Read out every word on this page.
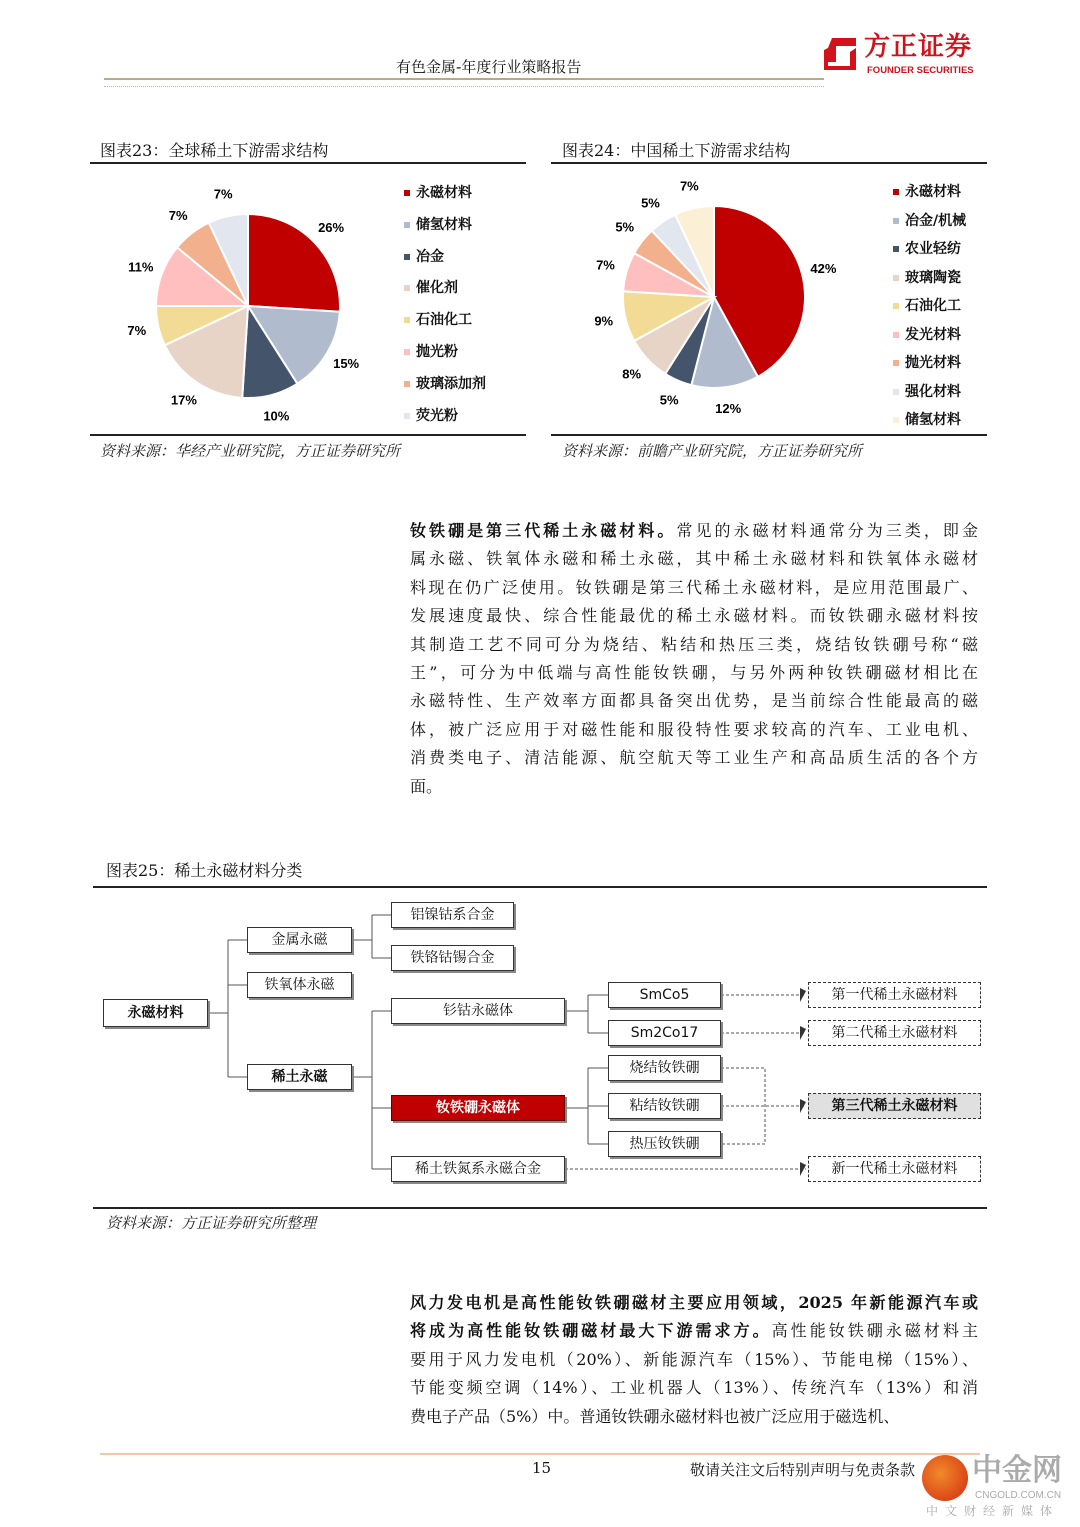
有色金属-年度行业策略报告
方正证券
FOUNDER SECURITIES
图表23：全球稀土下游需求结构
26%
15%
10%
17%
7%
11%
7%
7%	永磁材料
储氢材料
冶金
催化剂
石油化工
抛光粉
玻璃添加剂
荧光粉
资料来源：华经产业研究院，方正证券研究所
图表24：中国稀土下游需求结构
42%
12%
5%
8%
9%
7%
5%
5%
7%	永磁材料
冶金/机械
农业轻纺
玻璃陶瓷
石油化工
发光材料
抛光材料
强化材料
储氢材料
资料来源：前瞻产业研究院，方正证券研究所
钕铁硼是第三代稀土永磁材料。常见的永磁材料通常分为三类，即金
属永磁、铁氧体永磁和稀土永磁，其中稀土永磁材料和铁氧体永磁材
料现在仍广泛使用。钕铁硼是第三代稀土永磁材料，是应用范围最广、
发展速度最快、综合性能最优的稀土永磁材料。而钕铁硼永磁材料按
其制造工艺不同可分为烧结、粘结和热压三类，烧结钕铁硼号称“磁
王”，可分为中低端与高性能钕铁硼，与另外两种钕铁硼磁材相比在
永磁特性、生产效率方面都具备突出优势，是当前综合性能最高的磁
体，被广泛应用于对磁性能和服役特性要求较高的汽车、工业电机、
消费类电子、清洁能源、航空航天等工业生产和高品质生活的各个方
面。
图表25：稀土永磁材料分类
永磁材料
金属永磁
铁氧体永磁
稀土永磁
铝镍钴系合金
铁铬钴锡合金
钐钴永磁体
钕铁硼永磁体
稀土铁氮系永磁合金
SmCo5
Sm2Co17
烧结钕铁硼
粘结钕铁硼
热压钕铁硼
第一代稀土永磁材料
第二代稀土永磁材料
第三代稀土永磁材料
新一代稀土永磁材料
资料来源：方正证券研究所整理
风力发电机是高性能钕铁硼磁材主要应用领域，2025 年新能源汽车或
将成为高性能钕铁硼磁材最大下游需求方。高性能钕铁硼永磁材料主
要用于风力发电机（20%）、新能源汽车（15%）、节能电梯（15%）、
节能变频空调（14%）、工业机器人（13%）、传统汽车（13%）和消
费电子产品（5%）中。普通钕铁硼永磁材料也被广泛应用于磁选机、
15	敬请关注文后特别声明与免责条款 中金网
CNGOLD.COM.CN
中文财经新媒体
